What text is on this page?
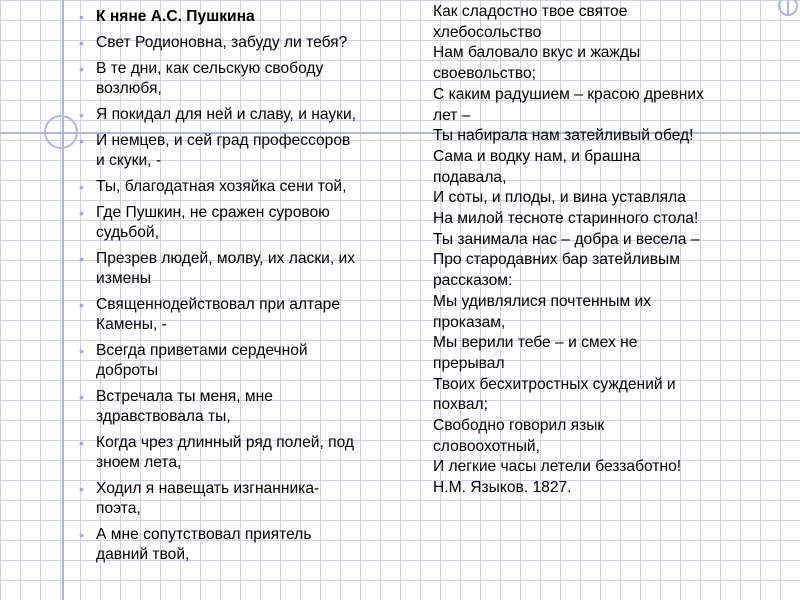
• К няне А.С. Пушкина
• Свет Родионовна, забуду ли тебя?
• В те дни, как сельскую свободу
возлюбя,
• Я покидал для ней и славу, и науки,
• И немцев, и сей град профессоров
и скуки, -
• Ты, благодатная хозяйка сени той,
• Где Пушкин, не сражен суровою
судьбой,
• Презрев людей, молву, их ласки, их
измены
• Священнодействовал при алтаре
Камены, -
• Всегда приветами сердечной
доброты
• Встречала ты меня, мне
здравствовала ты,
• Когда чрез длинный ряд полей, под
зноем лета,
• Ходил я навещать изгнанника-
поэта,
• А мне сопутствовал приятель
давний твой,
Как сладостно твое святое
хлебосольство
Нам баловало вкус и жажды
своевольство;
С каким радушием – красою древних
лет –
Ты набирала нам затейливый обед!
Сама и водку нам, и брашна
подавала,
И соты, и плоды, и вина уставляла
На милой тесноте старинного стола!
Ты занимала нас – добра и весела –
Про стародавних бар затейливым
рассказом:
Мы удивлялися почтенным их
проказам,
Мы верили тебе – и смех не
прерывал
Твоих бесхитростных суждений и
похвал;
Свободно говорил язык
словоохотный,
И легкие часы летели беззаботно!
Н.М. Языков. 1827.
